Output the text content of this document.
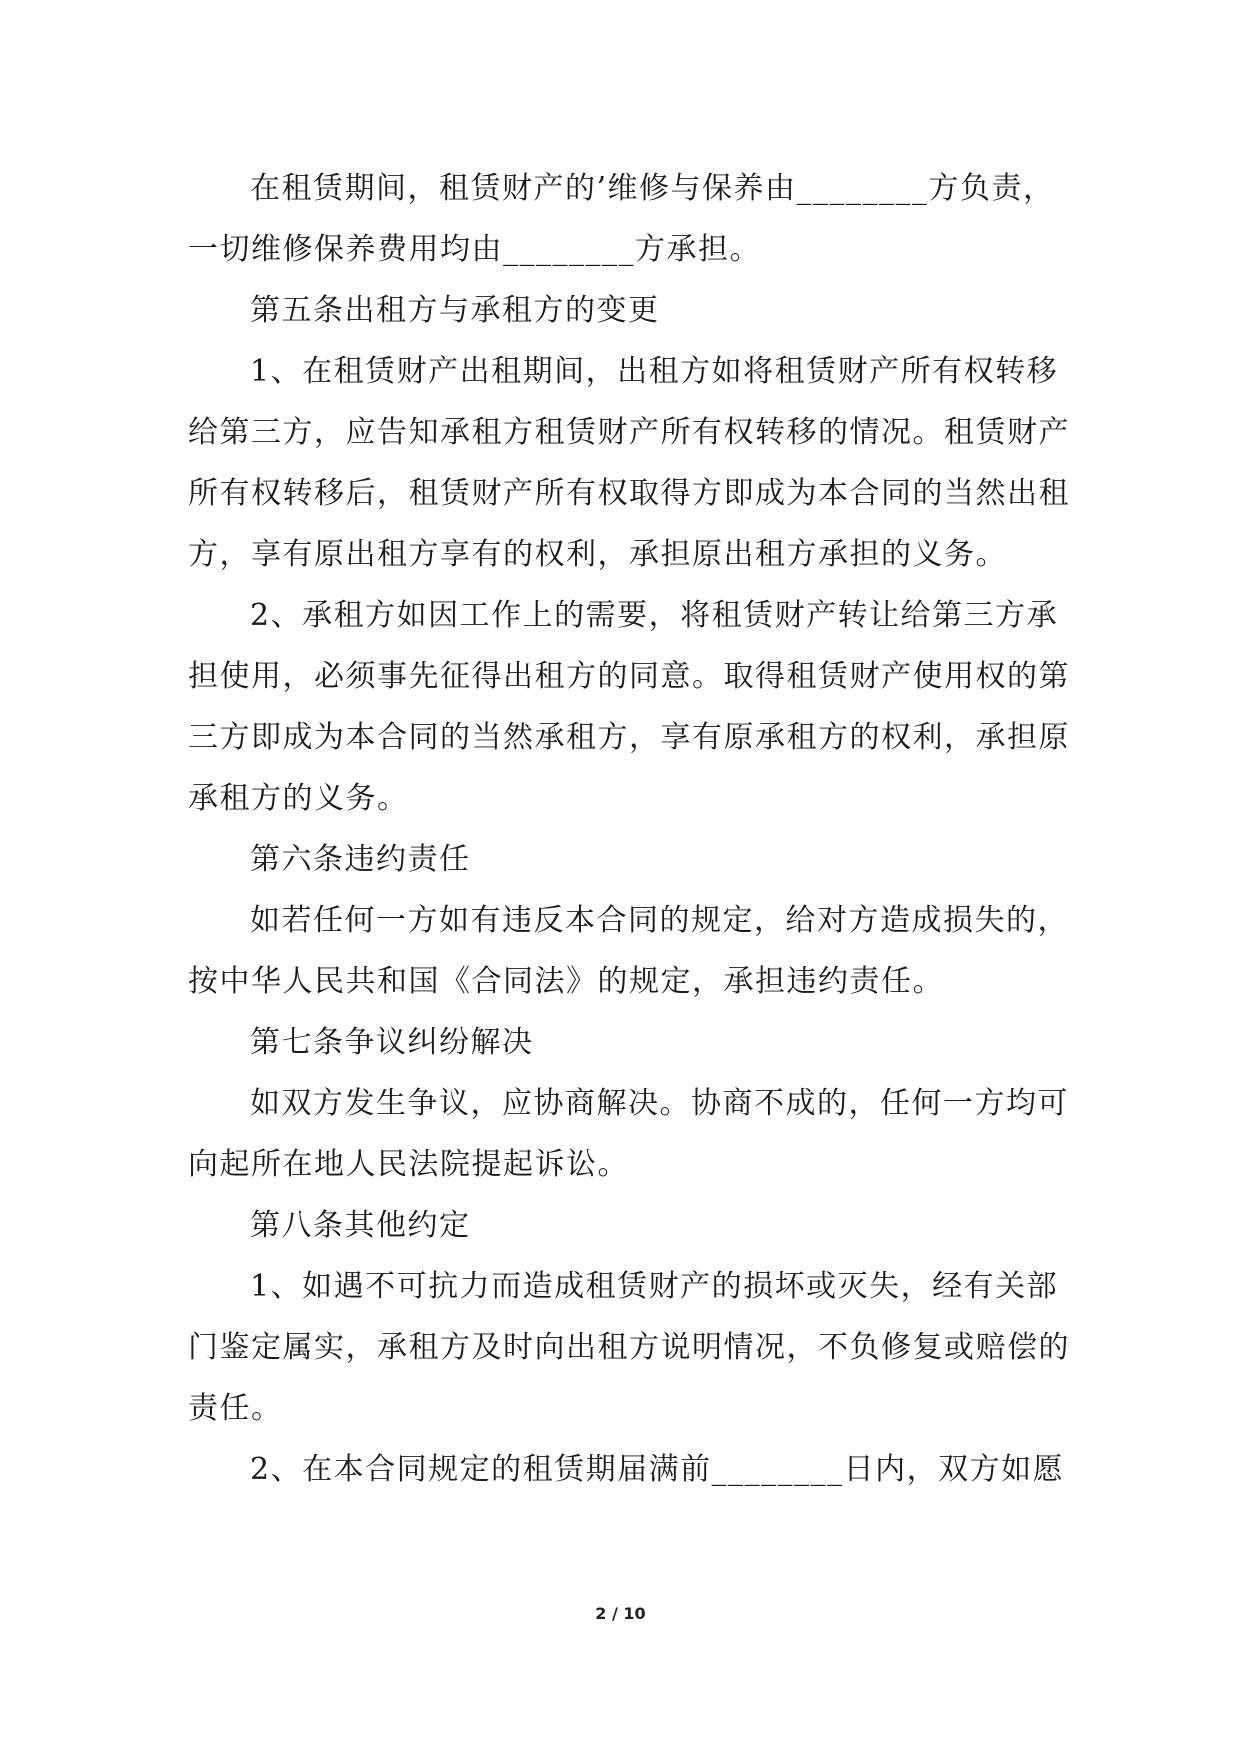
在租赁期间，租赁财产的’维修与保养由________方负责，
一切维修保养费用均由________方承担。
第五条出租方与承租方的变更
1、在租赁财产出租期间，出租方如将租赁财产所有权转移
给第三方，应告知承租方租赁财产所有权转移的情况。租赁财产
所有权转移后，租赁财产所有权取得方即成为本合同的当然出租
方，享有原出租方享有的权利，承担原出租方承担的义务。
2、承租方如因工作上的需要，将租赁财产转让给第三方承
担使用，必须事先征得出租方的同意。取得租赁财产使用权的第
三方即成为本合同的当然承租方，享有原承租方的权利，承担原
承租方的义务。
第六条违约责任
如若任何一方如有违反本合同的规定，给对方造成损失的，
按中华人民共和国《合同法》的规定，承担违约责任。
第七条争议纠纷解决
如双方发生争议，应协商解决。协商不成的，任何一方均可
向起所在地人民法院提起诉讼。
第八条其他约定
1、如遇不可抗力而造成租赁财产的损坏或灭失，经有关部
门鉴定属实，承租方及时向出租方说明情况，不负修复或赔偿的
责任。
2、在本合同规定的租赁期届满前________日内，双方如愿
2 / 10
